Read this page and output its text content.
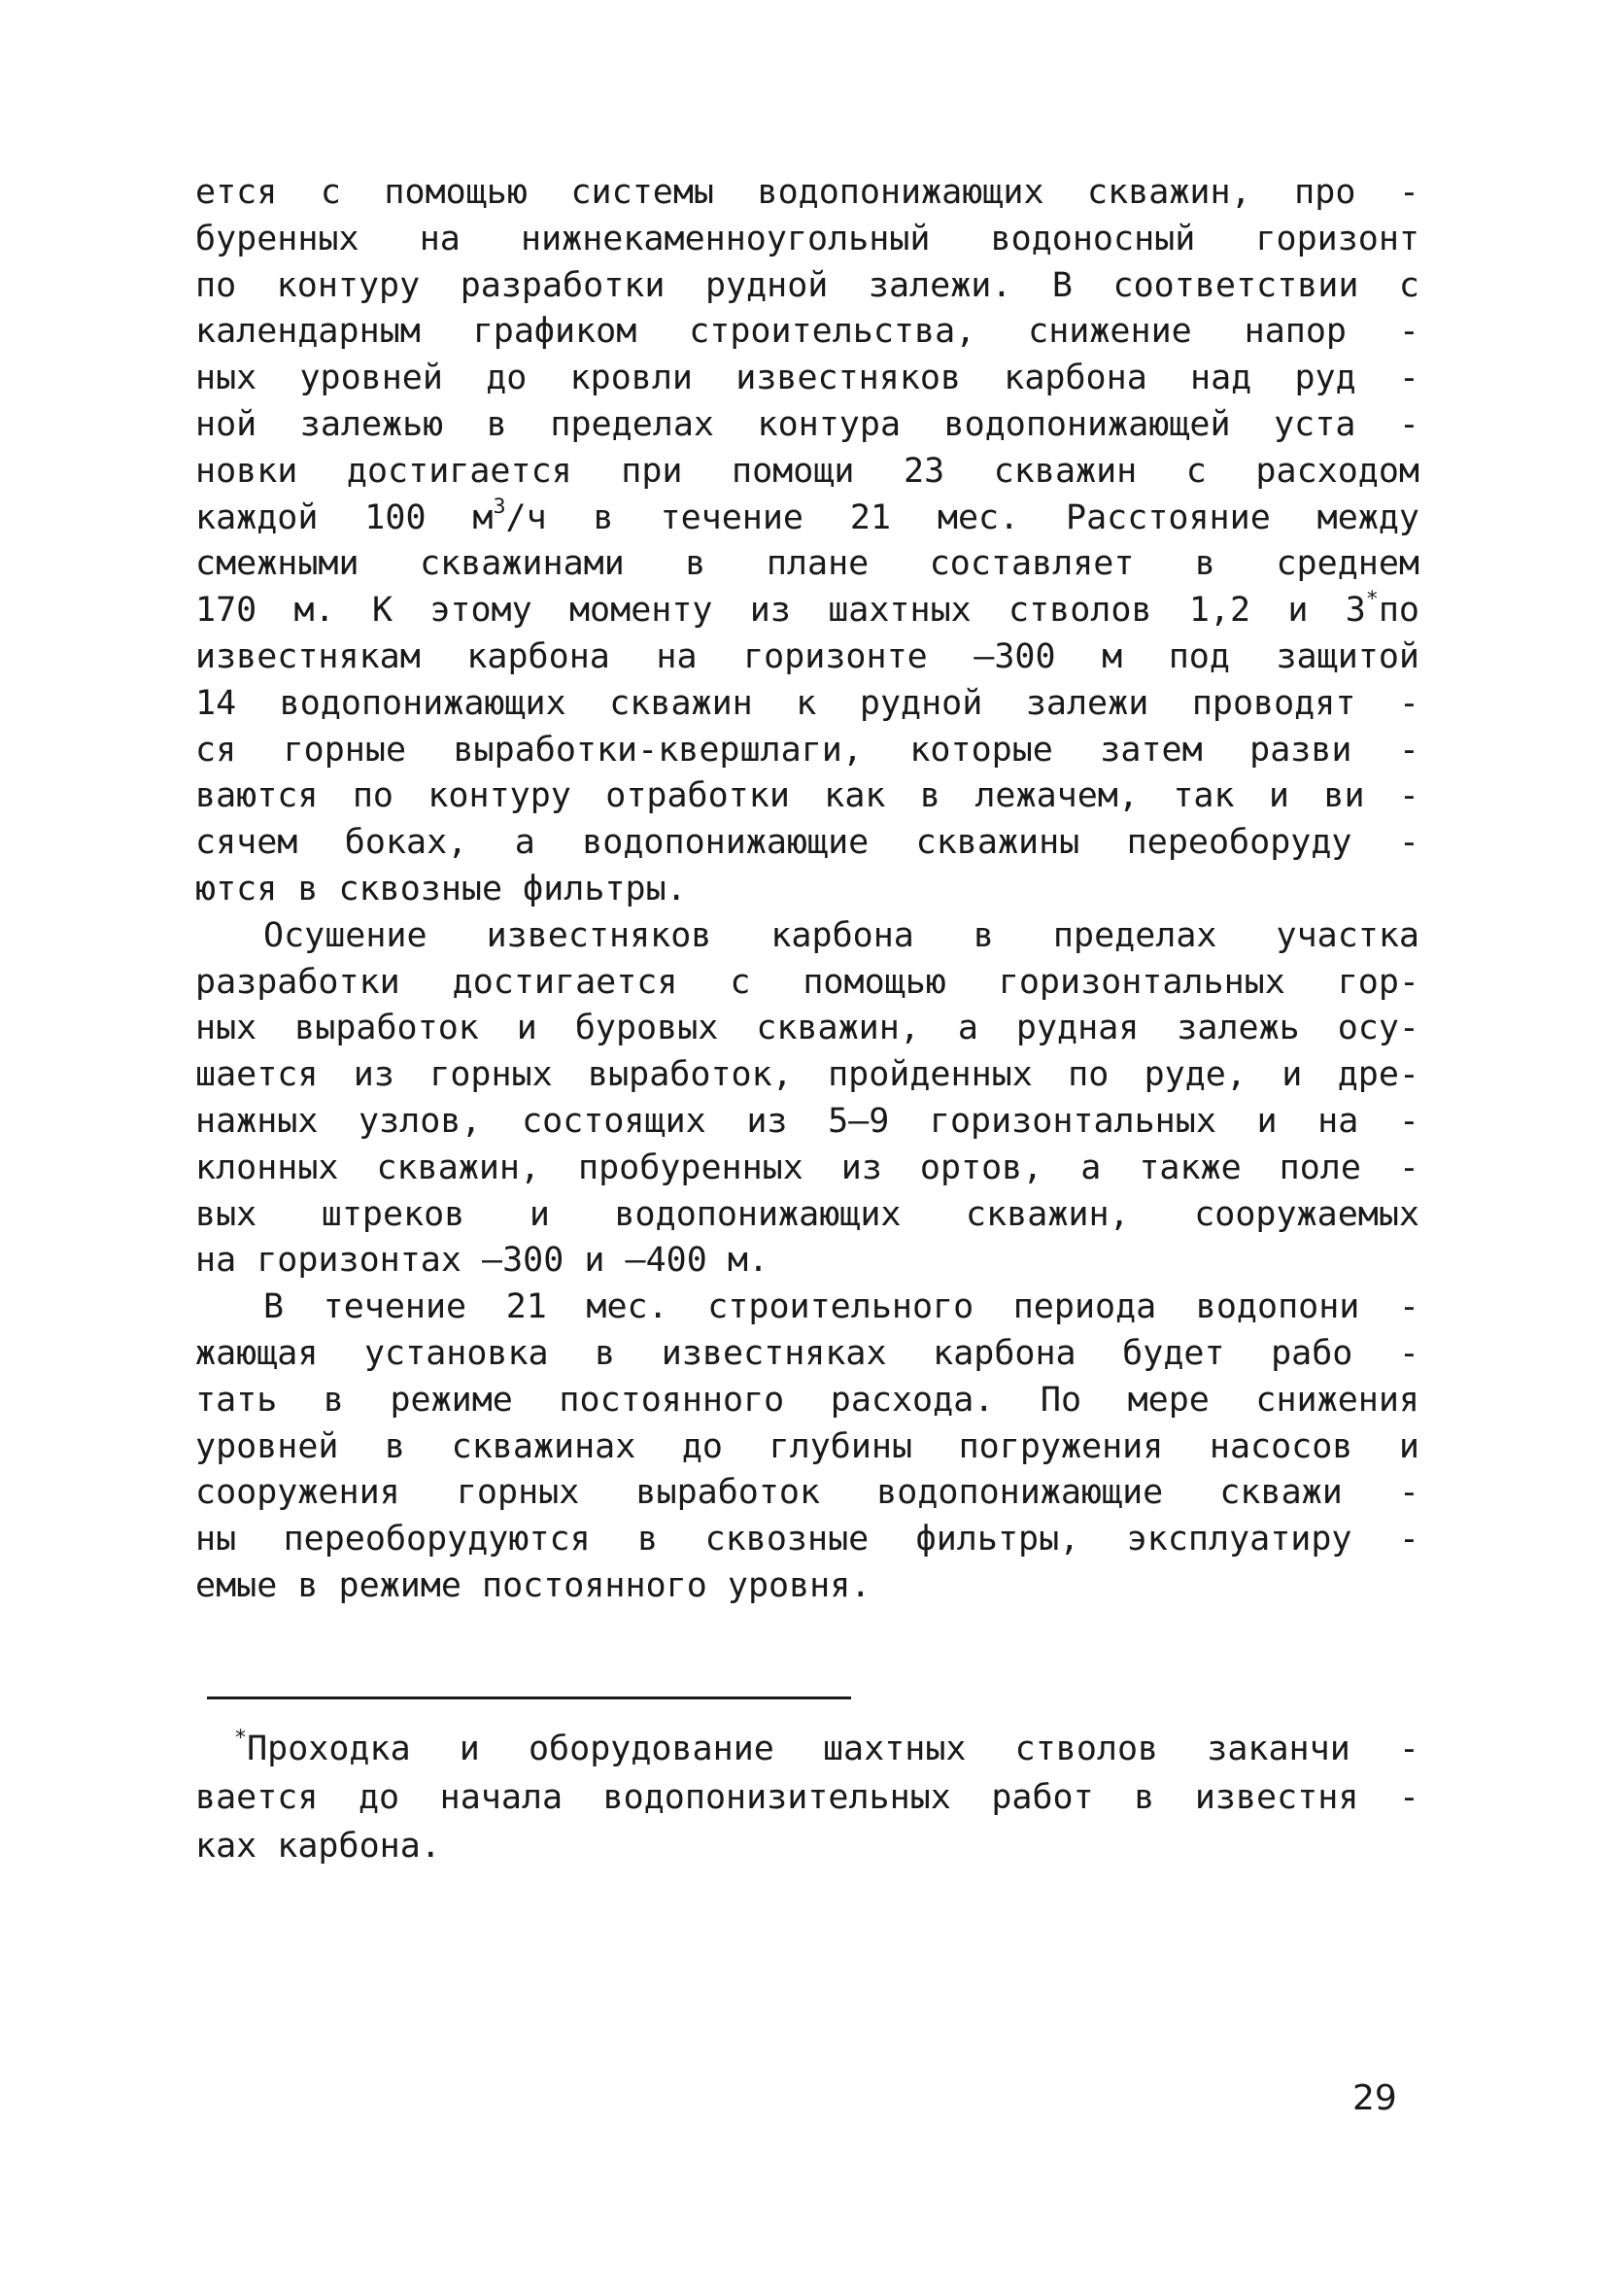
ется с помощью системы водопонижающих скважин, про -
буренных на нижнекаменноугольный водоносный горизонт
по контуру разработки рудной залежи. В соответствии с
календарным графиком строительства, снижение напор -
ных уровней до кровли известняков карбона над руд -
ной залежью в пределах контура водопонижающей уста -
новки достигается при помощи 23 скважин с расходом
каждой 100 $м^3/ч$ в течение 21 мес. Расстояние между
смежными скважинами в плане составляет в среднем
170 м. К этому моменту из шахтных стволов 1,2 и 3*по
известнякам карбона на горизонте –300 м под защитой
14 водопонижающих скважин к рудной залежи проводят -
ся горные выработки-квершлаги, которые затем разви -
ваются по контуру отработки как в лежачем, так и ви -
сячем боках, а водопонижающие скважины переоборуду -
ются в сквозные фильтры.
Осушение известняков карбона в пределах участка
разработки достигается с помощью горизонтальных гор-
ных выработок и буровых скважин, а рудная залежь осу-
шается из горных выработок, пройденных по руде, и дре-
нажных узлов, состоящих из 5–9 горизонтальных и на -
клонных скважин, пробуренных из ортов, а также поле -
вых штреков и водопонижающих скважин, сооружаемых
на горизонтах –300 и –400 м.
В течение 21 мес. строительного периода водопони -
жающая установка в известняках карбона будет рабо -
тать в режиме постоянного расхода. По мере снижения
уровней в скважинах до глубины погружения насосов и
сооружения горных выработок водопонижающие скважи -
ны переоборудуются в сквозные фильтры, эксплуатиру -
емые в режиме постоянного уровня.
*Проходка и оборудование шахтных стволов заканчи -
вается до начала водопонизительных работ в известня -
ках карбона.
29
